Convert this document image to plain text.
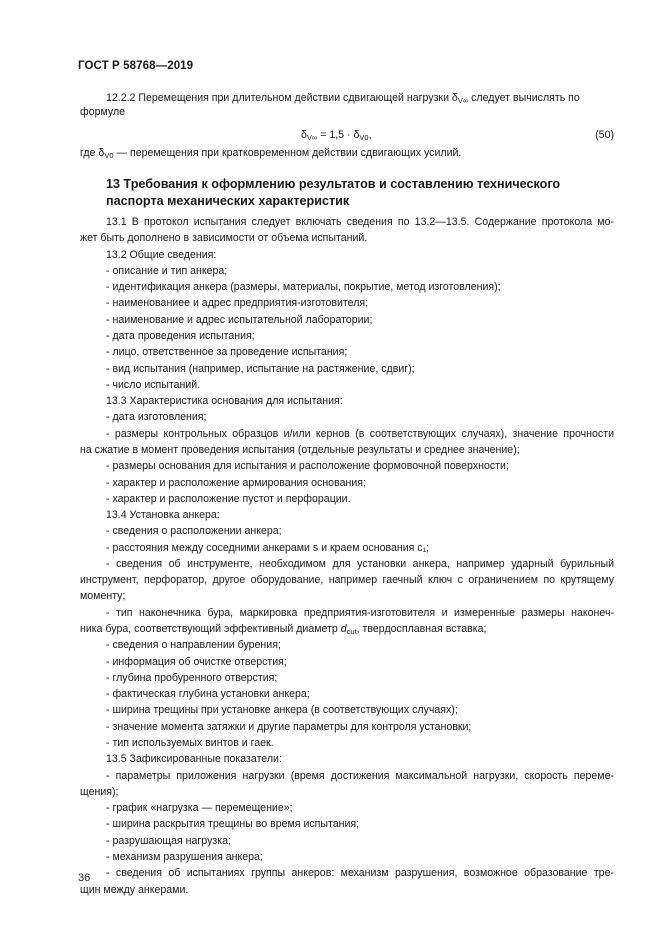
ГОСТ Р 58768—2019
12.2.2 Перемещения при длительном действии сдвигающей нагрузки $\delta_{V\infty}$ следует вычислять по
формуле
$\delta_{V\infty} = 1,5 \cdot \delta_{V0}$,	(50)
где $\delta_{V0}$ — перемещения при кратковременном действии сдвигающих усилий.
13 Требования к оформлению результатов и составлению технического
паспорта механических характеристик
13.1 В протокол испытания следует включать сведения по 13.2—13.5. Содержание протокола мо-
жет быть дополнено в зависимости от объема испытаний.
13.2 Общие сведения:
- описание и тип анкера;
- идентификация анкера (размеры, материалы, покрытие, метод изготовления);
- наименованиеe и адрес предприятия-изготовителя;
- наименование и адрес испытательной лаборатории;
- дата проведения испытания;
- лицо, ответственное за проведение испытания;
- вид испытания (например, испытание на растяжение, сдвиг);
- число испытаний.
13.3 Характеристика основания для испытания:
- дата изготовления;
- размеры контрольных образцов и/или кернов (в соответствующих случаях), значение прочности
на сжатие в момент проведения испытания (отдельные результаты и среднее значение);
- размеры основания для испытания и расположение формовочной поверхности;
- характер и расположение армирования основания;
- характер и расположение пустот и перфорации.
13.4 Установка анкера:
- сведения о расположении анкера;
- расстояния между соседними анкерами s и краем основания c₁;
- сведения об инструменте, необходимом для установки анкера, например ударный бурильный
инструмент, перфоратор, другое оборудование, например гаечный ключ с ограничением по крутящему
моменту;
- тип наконечника бура, маркировка предприятия-изготовителя и измеренные размеры наконеч-
ника бура, соответствующий эффективный диаметр $d_{cut}$, твердосплавная вставка;
- сведения о направлении бурения;
- информация об очистке отверстия;
- глубина пробуренного отверстия;
- фактическая глубина установки анкера;
- ширина трещины при установке анкера (в соответствующих случаях);
- значение момента затяжки и другие параметры для контроля установки;
- тип используемых винтов и гаек.
13.5 Зафиксированные показатели:
- параметры приложения нагрузки (время достижения максимальной нагрузки, скорость переме-
щения);
- график «нагрузка — перемещение»;
- ширина раскрытия трещины во время испытания;
- разрушающая нагрузка;
- механизм разрушения анкера;
- сведения об испытаниях группы анкеров: механизм разрушения, возможное образование тре-
щин между анкерами.
36
